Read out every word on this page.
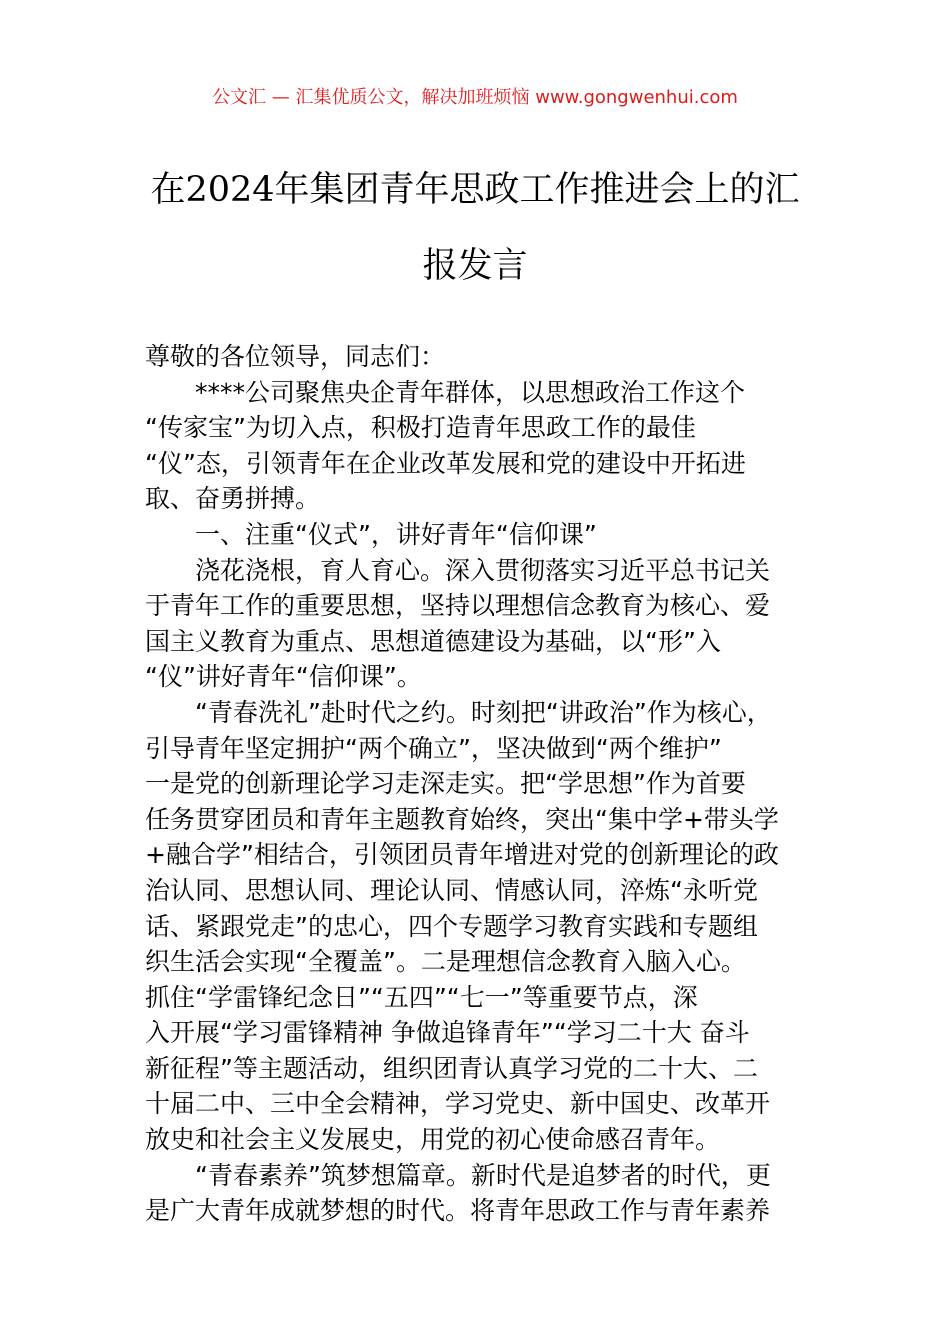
公文汇 — 汇集优质公文，解决加班烦恼 www.gongwenhui.com
在2024年集团青年思政工作推进会上的汇
报发言
尊敬的各位领导，同志们：
****公司聚焦央企青年群体，以思想政治工作这个
“传家宝”为切入点，积极打造青年思政工作的最佳
“仪”态，引领青年在企业改革发展和党的建设中开拓进
取、奋勇拼搏。
一、注重“仪式”，讲好青年“信仰课”
浇花浇根，育人育心。深入贯彻落实习近平总书记关
于青年工作的重要思想，坚持以理想信念教育为核心、爱
国主义教育为重点、思想道德建设为基础，以“形”入
“仪”讲好青年“信仰课”。
“青春洗礼”赴时代之约。时刻把“讲政治”作为核心，
引导青年坚定拥护“两个确立”，坚决做到“两个维护”
一是党的创新理论学习走深走实。把“学思想”作为首要
任务贯穿团员和青年主题教育始终，突出“集中学+带头学
+融合学”相结合，引领团员青年增进对党的创新理论的政
治认同、思想认同、理论认同、情感认同，淬炼“永听党
话、紧跟党走”的忠心，四个专题学习教育实践和专题组
织生活会实现“全覆盖”。二是理想信念教育入脑入心。
抓住“学雷锋纪念日”“五四”“七一”等重要节点，深
入开展“学习雷锋精神 争做追锋青年”“学习二十大 奋斗
新征程”等主题活动，组织团青认真学习党的二十大、二
十届二中、三中全会精神，学习党史、新中国史、改革开
放史和社会主义发展史，用党的初心使命感召青年。
“青春素养”筑梦想篇章。新时代是追梦者的时代，更
是广大青年成就梦想的时代。将青年思政工作与青年素养
